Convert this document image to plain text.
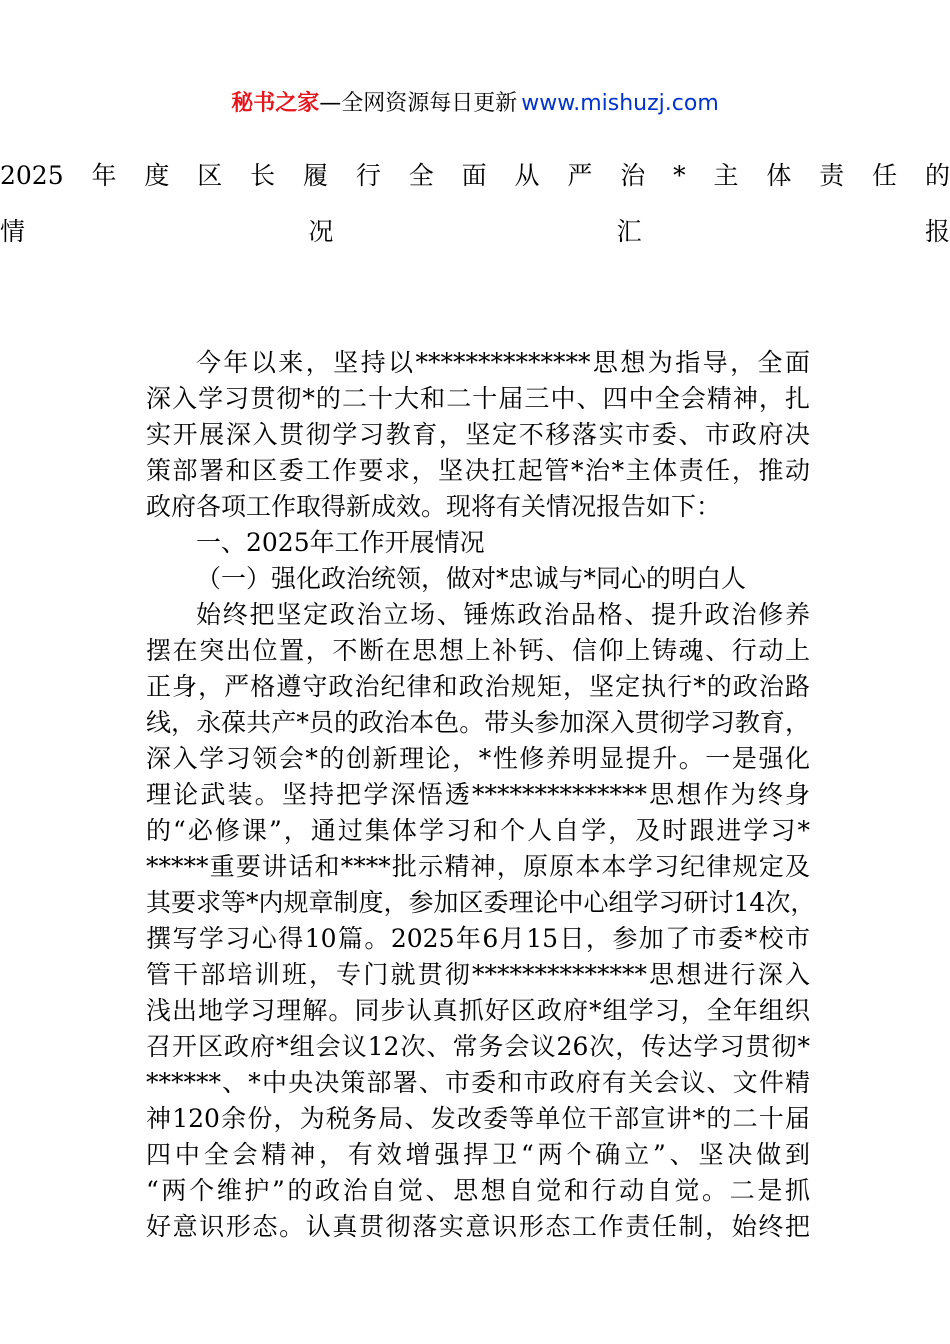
秘书之家—全网资源每日更新 www.mishuzj.com
2025年度区长履行全面从严治*主体责任的
情况汇报
今年以来，坚持以**************思想为指导，全面
深入学习贯彻*的二十大和二十届三中、四中全会精神，扎
实开展深入贯彻学习教育，坚定不移落实市委、市政府决
策部署和区委工作要求，坚决扛起管*治*主体责任，推动
政府各项工作取得新成效。现将有关情况报告如下：
一、2025年工作开展情况
（一）强化政治统领，做对*忠诚与*同心的明白人
始终把坚定政治立场、锤炼政治品格、提升政治修养
摆在突出位置，不断在思想上补钙、信仰上铸魂、行动上
正身，严格遵守政治纪律和政治规矩，坚定执行*的政治路
线，永葆共产*员的政治本色。带头参加深入贯彻学习教育，
深入学习领会*的创新理论，*性修养明显提升。一是强化
理论武装。坚持把学深悟透**************思想作为终身
的“必修课”，通过集体学习和个人自学，及时跟进学习*
*****重要讲话和****批示精神，原原本本学习纪律规定及
其要求等*内规章制度，参加区委理论中心组学习研讨14次，
撰写学习心得10篇。2025年6月15日，参加了市委*校市
管干部培训班，专门就贯彻**************思想进行深入
浅出地学习理解。同步认真抓好区政府*组学习，全年组织
召开区政府*组会议12次、常务会议26次，传达学习贯彻*
******、*中央决策部署、市委和市政府有关会议、文件精
神120余份，为税务局、发改委等单位干部宣讲*的二十届
四中全会精神，有效增强捍卫“两个确立”、坚决做到
“两个维护”的政治自觉、思想自觉和行动自觉。二是抓
好意识形态。认真贯彻落实意识形态工作责任制，始终把
